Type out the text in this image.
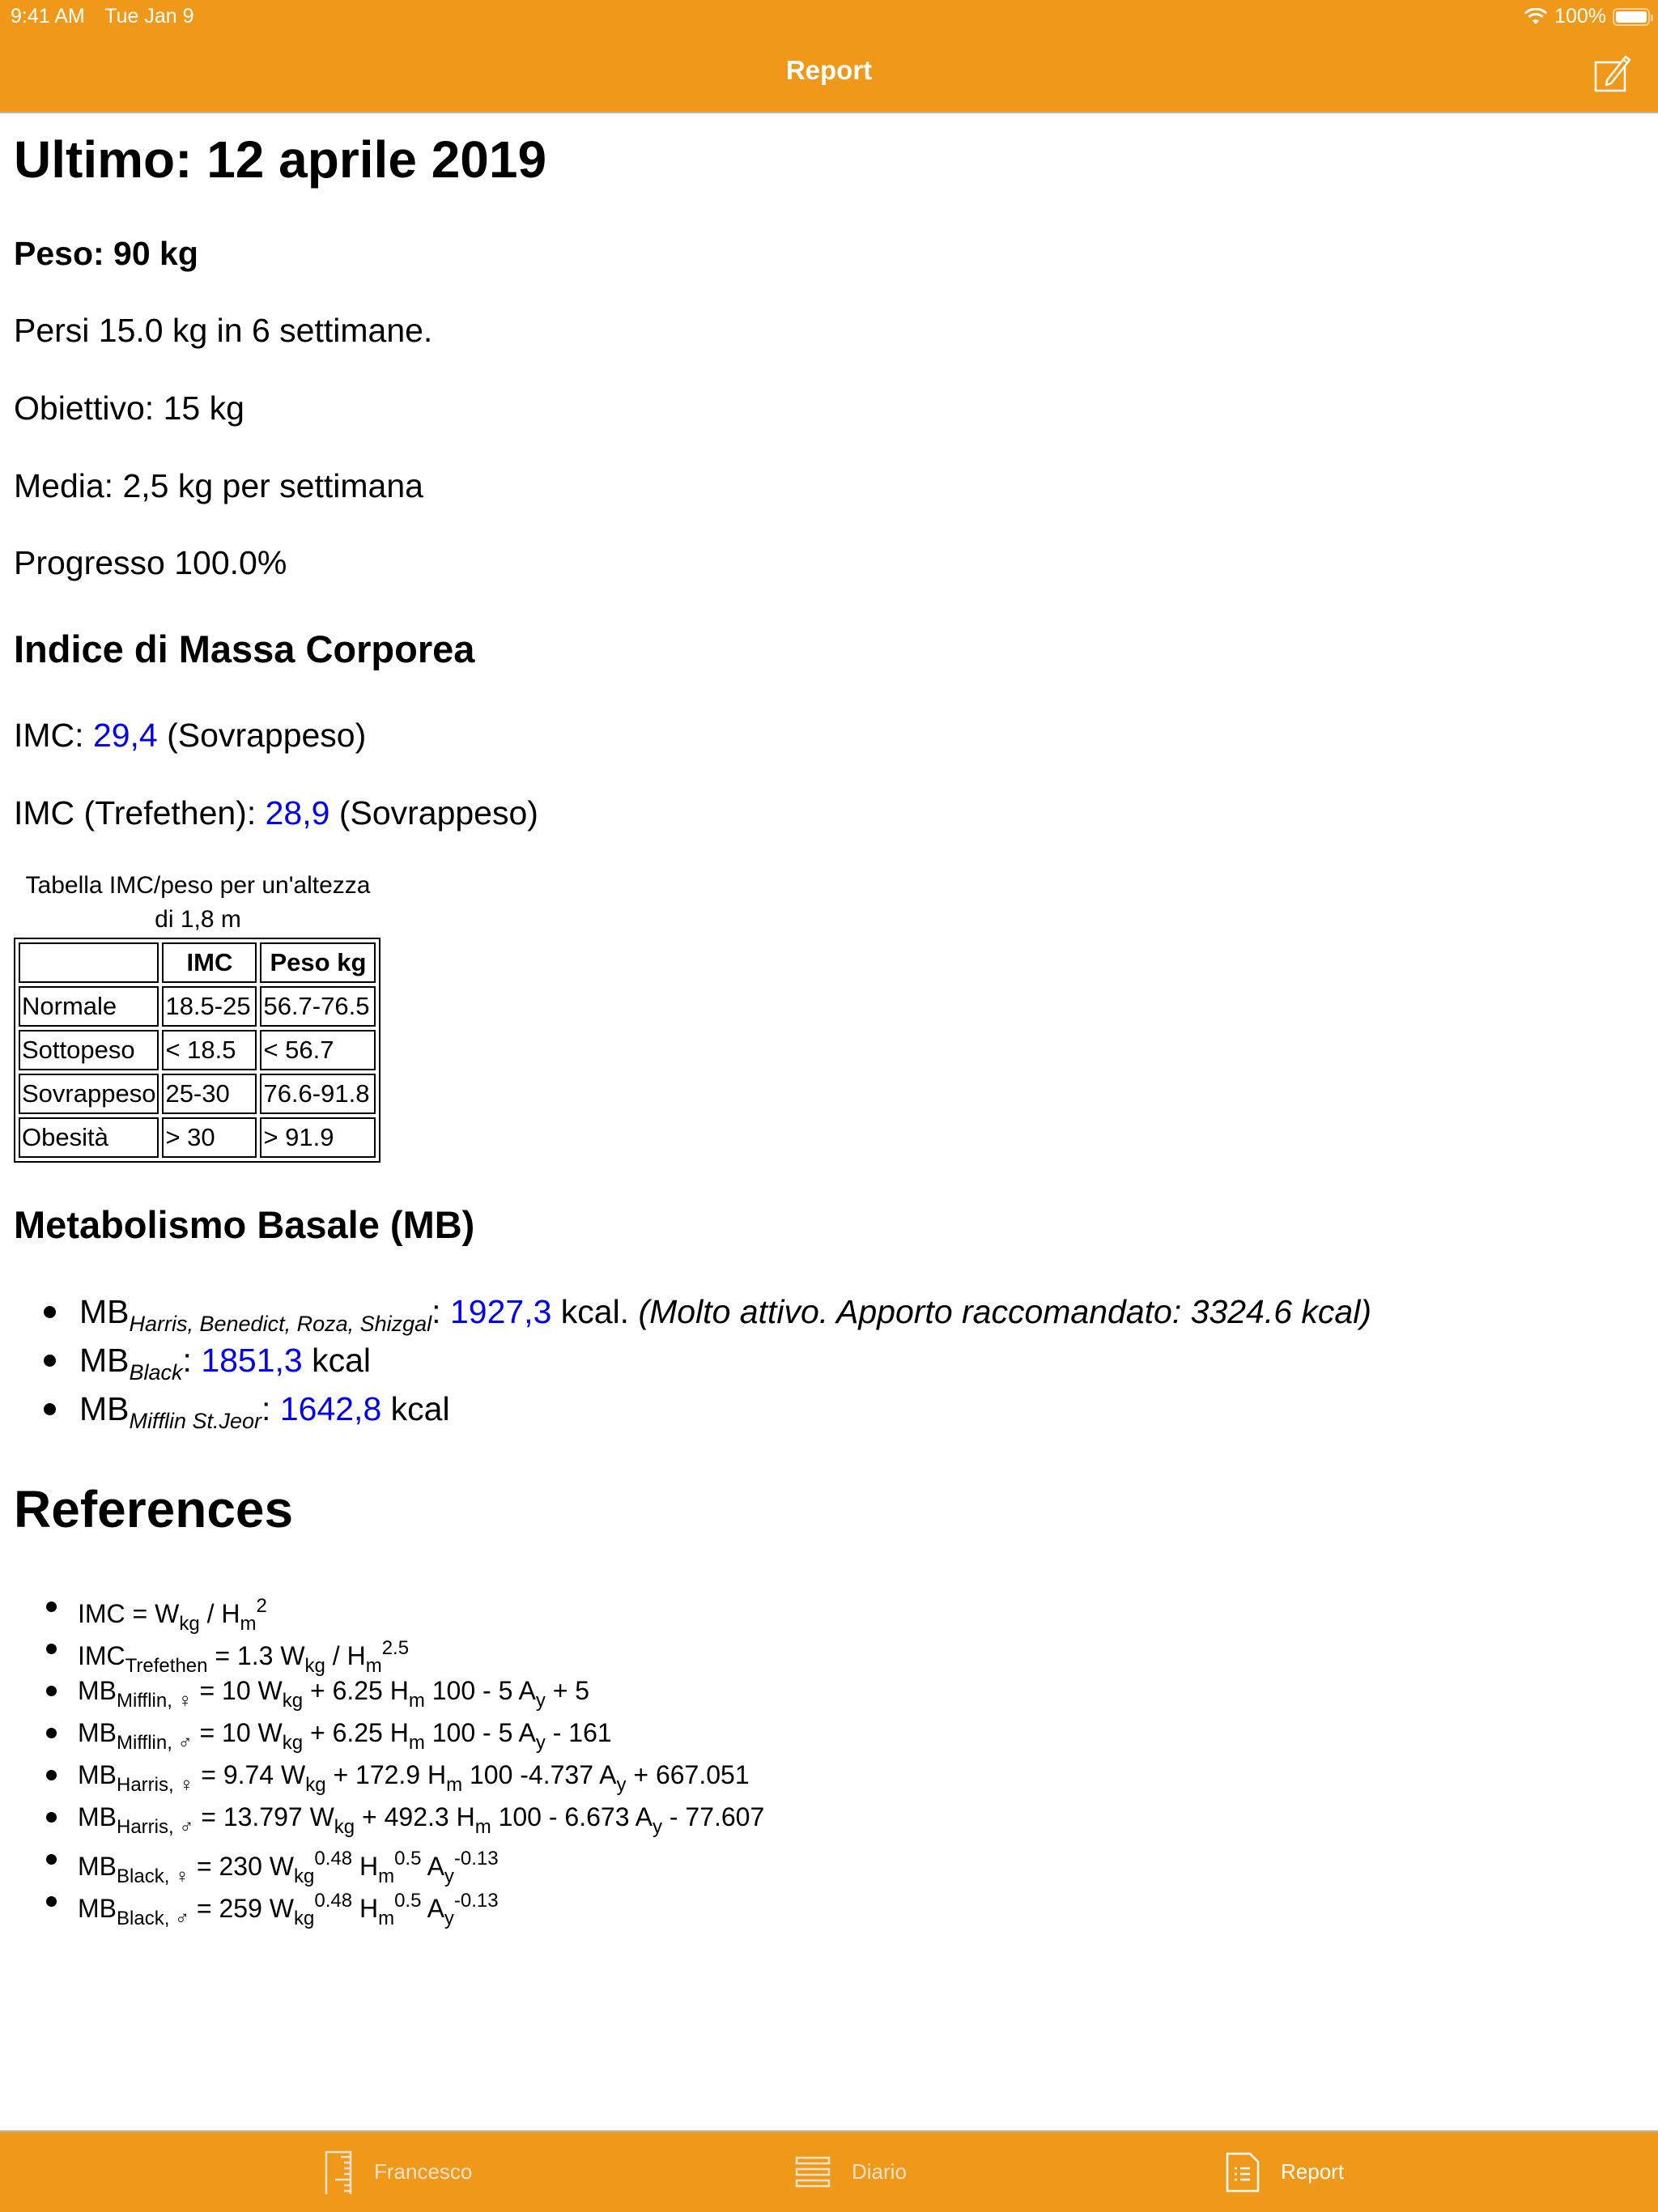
9:41 AM Tue Jan 9	100%
Report
Ultimo: 12 aprile 2019
Peso: 90 kg
Persi 15.0 kg in 6 settimane.
Obiettivo: 15 kg
Media: 2,5 kg per settimana
Progresso 100.0%
Indice di Massa Corporea
IMC: 29,4 (Sovrappeso)
IMC (Trefethen): 28,9 (Sovrappeso)
Tabella IMC/peso per un'altezza
di 1,8 m
	IMC	Peso kg
Normale	18.5-25	56.7-76.5
Sottopeso	< 18.5	< 56.7
Sovrappeso	25-30	76.6-91.8
Obesità	> 30	> 91.9
Metabolismo Basale (MB)
$MB_{Harris, Benedict, Roza, Shizgal}$: 1927,3 kcal. (Molto attivo. Apporto raccomandato: 3324.6 kcal)
$MB_{Black}$: 1851,3 kcal
$MB_{Mifflin St.Jeor}$: 1642,8 kcal
References
IMC = $W_{kg} / H_m^2$
$IMC_{Trefethen} = 1.3$ $W_{kg} / H_m^{2.5}$
$MB_{Mifflin, ♀} = 10$ $W_{kg} + 6.25$ $H_m$ 100 - 5 $A_y + 5$
$MB_{Mifflin, ♂} = 10$ $W_{kg} + 6.25$ $H_m$ 100 - 5 $A_y - 161$
$MB_{Harris, ♀} = 9.74$ $W_{kg} + 172.9$ $H_m$ 100 -4.737 $A_y + 667.051$
$MB_{Harris, ♂} = 13.797$ $W_{kg} + 492.3$ $H_m$ 100 - 6.673 $A_y - 77.607$
$MB_{Black, ♀} = 230$ $W_{kg}^{0.48}$ $H_m^{0.5}$ $A_y^{-0.13}$
$MB_{Black, ♂} = 259$ $W_{kg}^{0.48}$ $H_m^{0.5}$ $A_y^{-0.13}$
Francesco	Diario	Report
